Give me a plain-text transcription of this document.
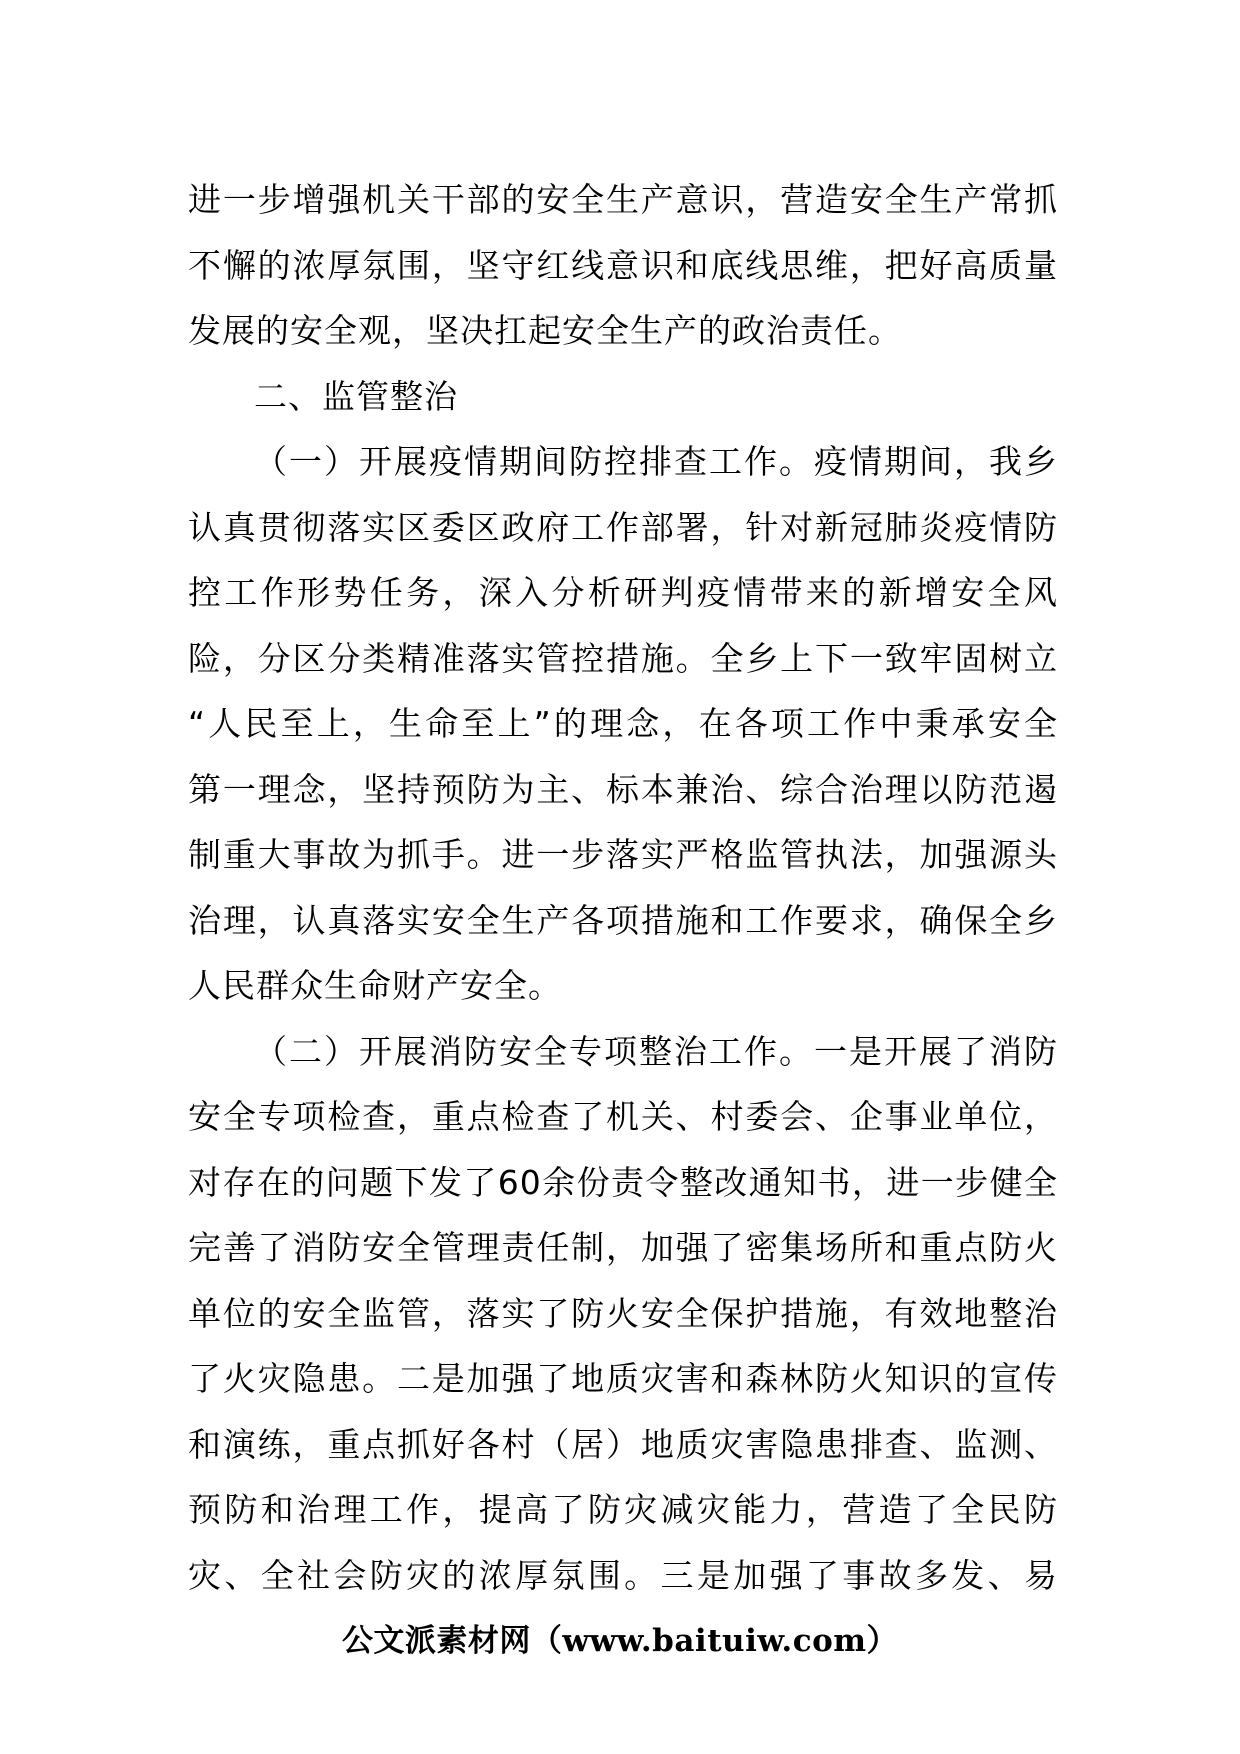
进一步增强机关干部的安全生产意识，营造安全生产常抓
不懈的浓厚氛围，坚守红线意识和底线思维，把好高质量
发展的安全观，坚决扛起安全生产的政治责任。
二、监管整治
（一）开展疫情期间防控排查工作。疫情期间，我乡
认真贯彻落实区委区政府工作部署，针对新冠肺炎疫情防
控工作形势任务，深入分析研判疫情带来的新增安全风
险，分区分类精准落实管控措施。全乡上下一致牢固树立
“人民至上，生命至上”的理念，在各项工作中秉承安全
第一理念，坚持预防为主、标本兼治、综合治理以防范遏
制重大事故为抓手。进一步落实严格监管执法，加强源头
治理，认真落实安全生产各项措施和工作要求，确保全乡
人民群众生命财产安全。
（二）开展消防安全专项整治工作。一是开展了消防
安全专项检查，重点检查了机关、村委会、企事业单位，
对存在的问题下发了60余份责令整改通知书，进一步健全
完善了消防安全管理责任制，加强了密集场所和重点防火
单位的安全监管，落实了防火安全保护措施，有效地整治
了火灾隐患。二是加强了地质灾害和森林防火知识的宣传
和演练，重点抓好各村（居）地质灾害隐患排查、监测、
预防和治理工作，提高了防灾减灾能力，营造了全民防
灾、全社会防灾的浓厚氛围。三是加强了事故多发、易
公文派素材网（www.baituiw.com）
